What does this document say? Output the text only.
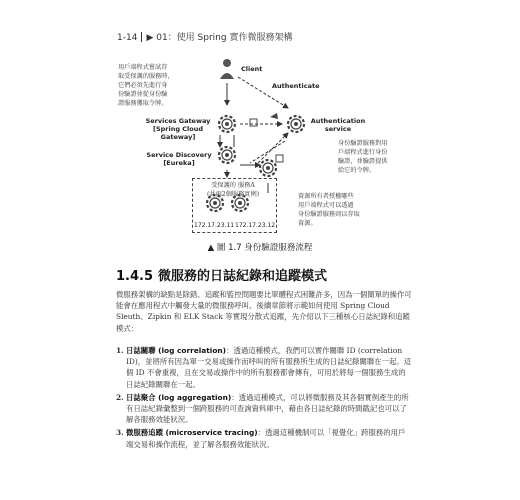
1-14 ▶ 01：使用 Spring 實作微服務架構
用戶端程式嘗試存
取受保護的服務時，
它們必須先進行身
份驗證並從身份驗
證服務獲取令牌。
身份驗證服務對用
戶端程式進行身份
驗證，並驗證提供
給它的令牌。
資源所有者授權哪些
用戶端程式可以透過
身份驗證服務則以存取
資源。
Client
Authenticate
Services Gateway
[Spring Cloud Gateway]
Authentication
service
Service Discovery
[Eureka]
受保護的 服務A
(共兩2個服務實例)
172.17.23.11 172.17.23.12
▲ 圖 1.7 身份驗證服務流程
1.4.5 微服務的日誌紀錄和追蹤模式
微服務架構的缺點是除錯、追蹤和監控問題要比單體程式困難許多，因為一個簡單的操作可能會在應用程式中觸發大量的微服務呼叫。後續章節將示範如何使用 Spring Cloud Sleuth、Zipkin 和 ELK Stack 等實現分散式追蹤，先介紹以下三種核心日誌紀錄和追蹤模式：
1. 日誌關聯 (log correlation)：透過這種模式，我們可以實作關聯 ID (correlation ID)，並將所有因為單一交易或操作而呼叫的所有服務所生成的日誌紀錄關聯在一起。這個 ID 不會重複，且在交易或操作中的所有服務都會傳有，可用於將每一個服務生成的日誌紀錄關聯在一起。
2. 日誌聚合 (log aggregation)：透過這種模式，可以將微服務及其各個實例產生的所有日誌紀錄彙整到一個跨服務的可查詢資料庫中，藉由各日誌紀錄的時間戳記也可以了解各服務效能狀況。
3. 微服務追蹤 (microservice tracing)：透過這種機制可以「視覺化」跨服務的用戶端交易和操作流程，並了解各服務效能狀況。
